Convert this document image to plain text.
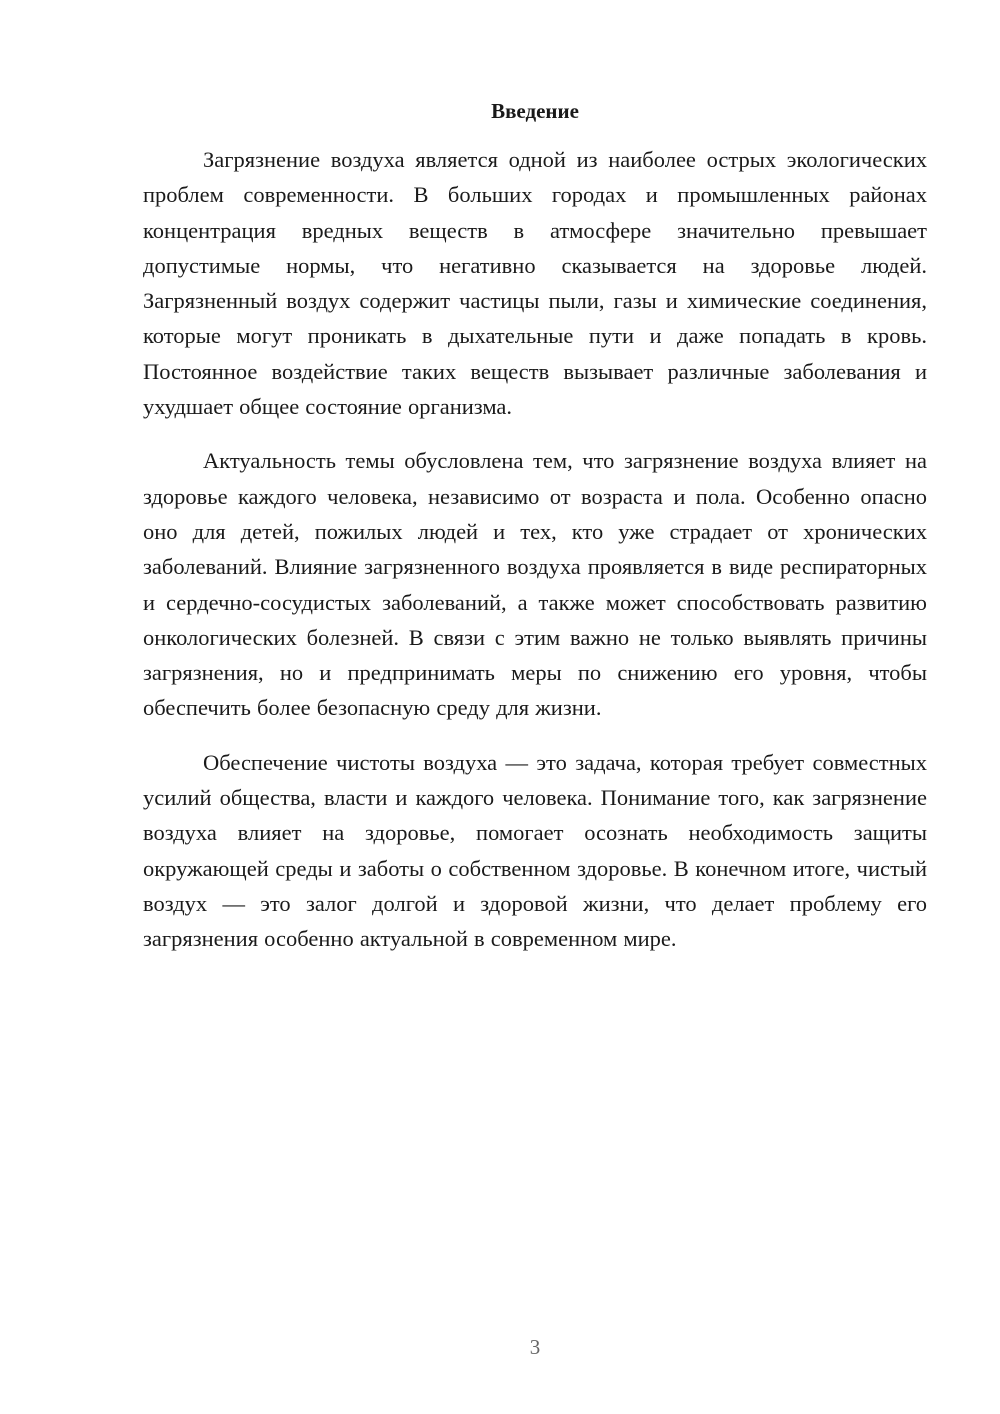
Введение

Загрязнение воздуха является одной из наиболее острых экологических проблем современности. В больших городах и промышленных районах концентрация вредных веществ в атмосфере значительно превышает допустимые нормы, что негативно сказывается на здоровье людей. Загрязненный воздух содержит частицы пыли, газы и химические соединения, которые могут проникать в дыхательные пути и даже попадать в кровь. Постоянное воздействие таких веществ вызывает различные заболевания и ухудшает общее состояние организма.

Актуальность темы обусловлена тем, что загрязнение воздуха влияет на здоровье каждого человека, независимо от возраста и пола. Особенно опасно оно для детей, пожилых людей и тех, кто уже страдает от хронических заболеваний. Влияние загрязненного воздуха проявляется в виде респираторных и сердечно-сосудистых заболеваний, а также может способствовать развитию онкологических болезней. В связи с этим важно не только выявлять причины загрязнения, но и предпринимать меры по снижению его уровня, чтобы обеспечить более безопасную среду для жизни.

Обеспечение чистоты воздуха — это задача, которая требует совместных усилий общества, власти и каждого человека. Понимание того, как загрязнение воздуха влияет на здоровье, помогает осознать необходимость защиты окружающей среды и заботы о собственном здоровье. В конечном итоге, чистый воздух — это залог долгой и здоровой жизни, что делает проблему его загрязнения особенно актуальной в современном мире.

3
